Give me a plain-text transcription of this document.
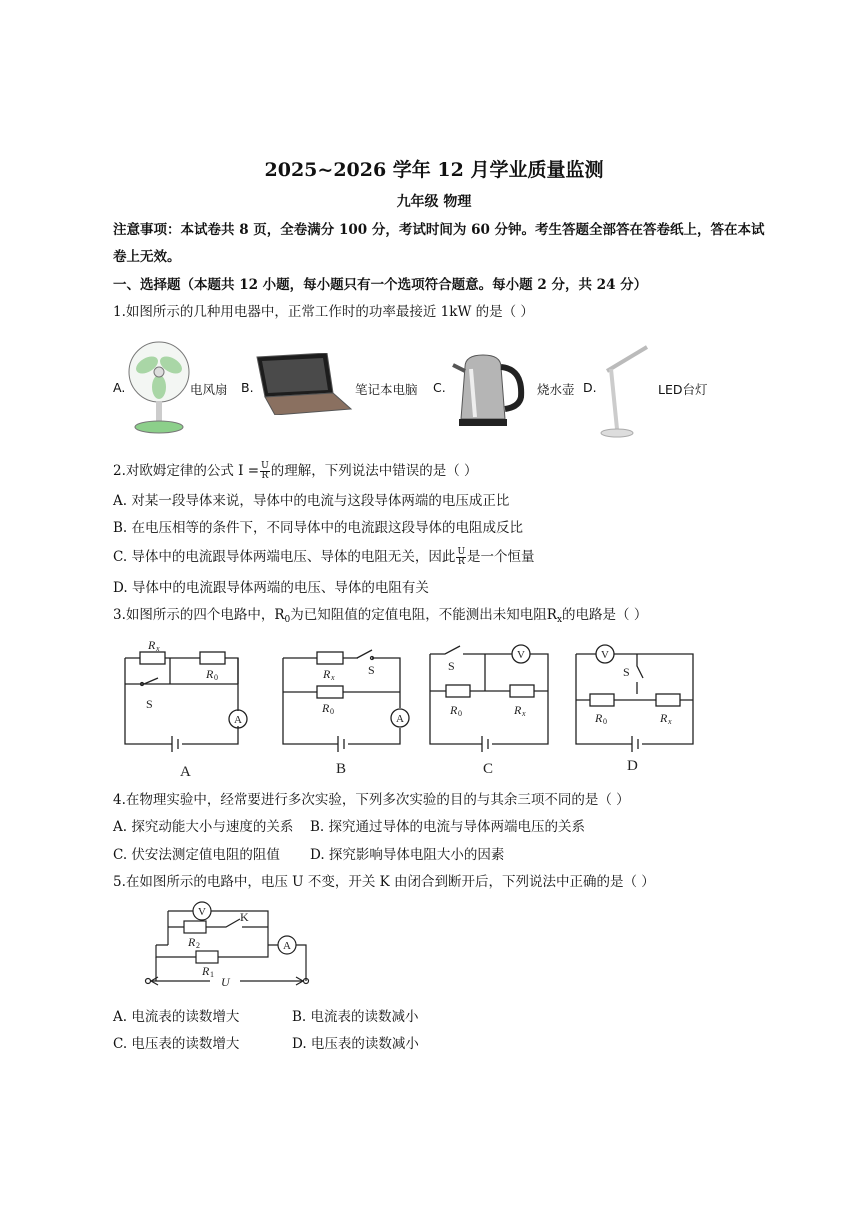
2025~2026 学年 12 月学业质量监测
九年级 物理
注意事项：本试卷共 8 页，全卷满分 100 分，考试时间为 60 分钟。考生答题全部答在答卷纸上，答在本试
卷上无效。
一、选择题（本题共 12 小题，每小题只有一个选项符合题意。每小题 2 分，共 24 分）
1.如图所示的几种用电器中，正常工作时的功率最接近 1kW 的是（ ）
A.	电风扇 B.	笔记本电脑 C.	烧水壶 D.	LED台灯
2.对欧姆定律的公式 $I = \frac{U}{R}$ 的理解，下列说法中错误的是（ ）
A. 对某一段导体来说，导体中的电流与这段导体两端的电压成正比
B. 在电压相等的条件下，不同导体中的电流跟这段导体的电阻成反比
C. 导体中的电流跟导体两端电压、导体的电阻无关，因此 $\frac{U}{R}$ 是一个恒量
D. 导体中的电流跟导体两端的电压、导体的电阻有关
3.如图所示的四个电路中，$R_0$为已知阻值的定值电阻，不能测出未知电阻$R_x$的电路是（ ）
R x
R 0
S
A
R x
S
R 0
A
S
V
R 0	R x
V
S
R 0	R x
A	B	C	D
4.在物理实验中，经常要进行多次实验，下列多次实验的目的与其余三项不同的是（ ）
A. 探究动能大小与速度的关系 B. 探究通过导体的电流与导体两端电压的关系
C. 伏安法测定值电阻的阻值 D. 探究影响导体电阻大小的因素
5.在如图所示的电路中，电压 U 不变，开关 K 由闭合到断开后，下列说法中正确的是（ ）
V	K
R 2	A
R 1
U
A. 电流表的读数增大	B. 电流表的读数减小
C. 电压表的读数增大	D. 电压表的读数减小
